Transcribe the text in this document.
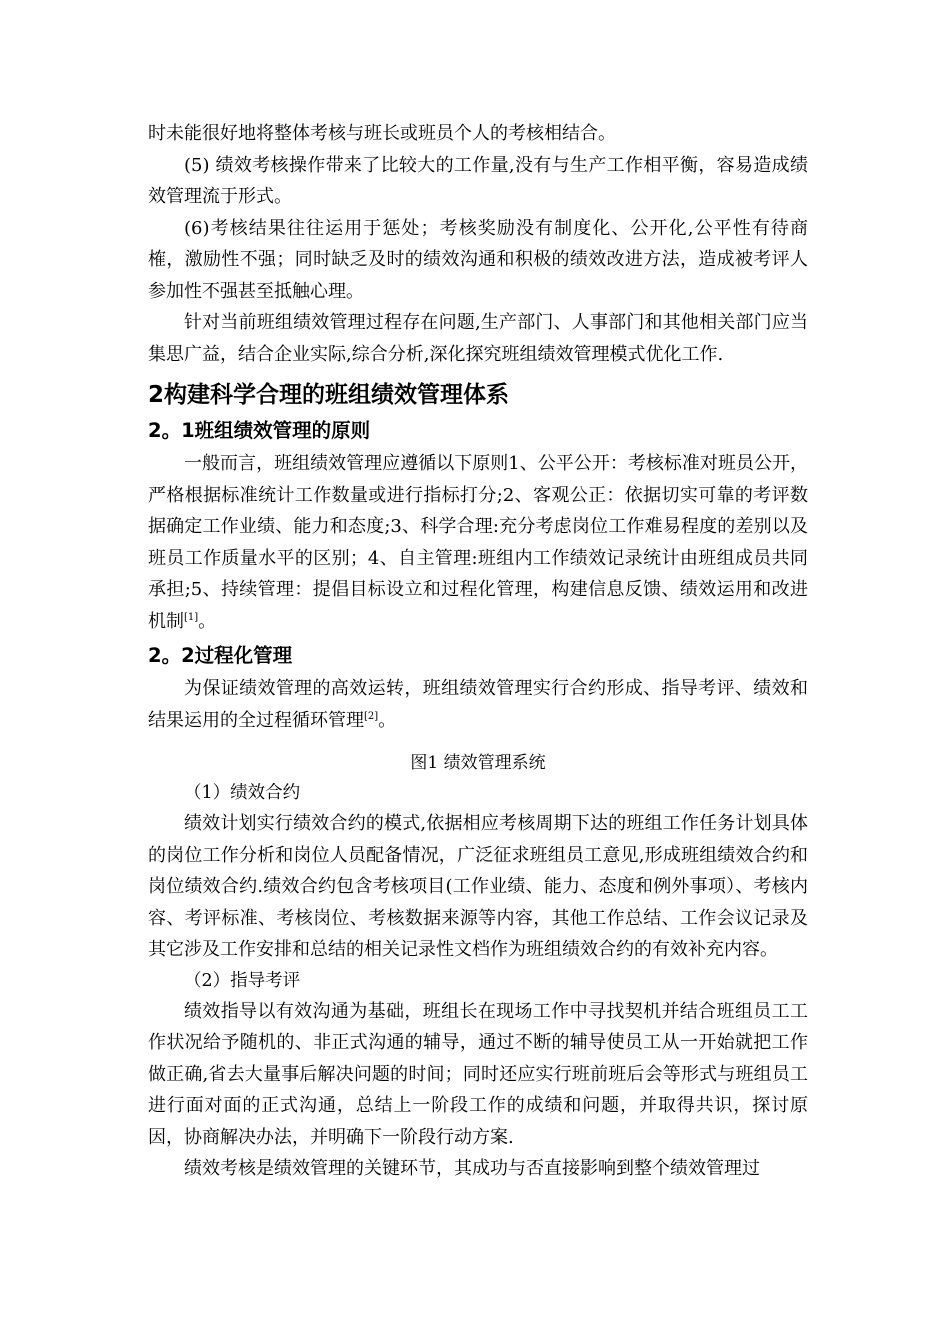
时未能很好地将整体考核与班长或班员个人的考核相结合。

(5) 绩效考核操作带来了比较大的工作量,没有与生产工作相平衡，容易造成绩效管理流于形式。

(6)考核结果往往运用于惩处；考核奖励没有制度化、公开化,公平性有待商榷，激励性不强；同时缺乏及时的绩效沟通和积极的绩效改进方法，造成被考评人参加性不强甚至抵触心理。

针对当前班组绩效管理过程存在问题,生产部门、人事部门和其他相关部门应当集思广益，结合企业实际,综合分析,深化探究班组绩效管理模式优化工作.

2构建科学合理的班组绩效管理体系
2。1班组绩效管理的原则

一般而言，班组绩效管理应遵循以下原则1、公平公开：考核标准对班员公开，严格根据标准统计工作数量或进行指标打分;2、客观公正：依据切实可靠的考评数据确定工作业绩、能力和态度;3、科学合理:充分考虑岗位工作难易程度的差别以及班员工作质量水平的区别；4、自主管理:班组内工作绩效记录统计由班组成员共同承担;5、持续管理：提倡目标设立和过程化管理，构建信息反馈、绩效运用和改进机制[1]。

2。2过程化管理

为保证绩效管理的高效运转，班组绩效管理实行合约形成、指导考评、绩效和结果运用的全过程循环管理[2]。

图1 绩效管理系统

（1）绩效合约

绩效计划实行绩效合约的模式,依据相应考核周期下达的班组工作任务计划具体的岗位工作分析和岗位人员配备情况，广泛征求班组员工意见,形成班组绩效合约和岗位绩效合约.绩效合约包含考核项目(工作业绩、能力、态度和例外事项）、考核内容、考评标准、考核岗位、考核数据来源等内容，其他工作总结、工作会议记录及其它涉及工作安排和总结的相关记录性文档作为班组绩效合约的有效补充内容。

（2）指导考评

绩效指导以有效沟通为基础，班组长在现场工作中寻找契机并结合班组员工工作状况给予随机的、非正式沟通的辅导，通过不断的辅导使员工从一开始就把工作做正确,省去大量事后解决问题的时间；同时还应实行班前班后会等形式与班组员工进行面对面的正式沟通，总结上一阶段工作的成绩和问题，并取得共识，探讨原因，协商解决办法，并明确下一阶段行动方案.

绩效考核是绩效管理的关键环节，其成功与否直接影响到整个绩效管理过
